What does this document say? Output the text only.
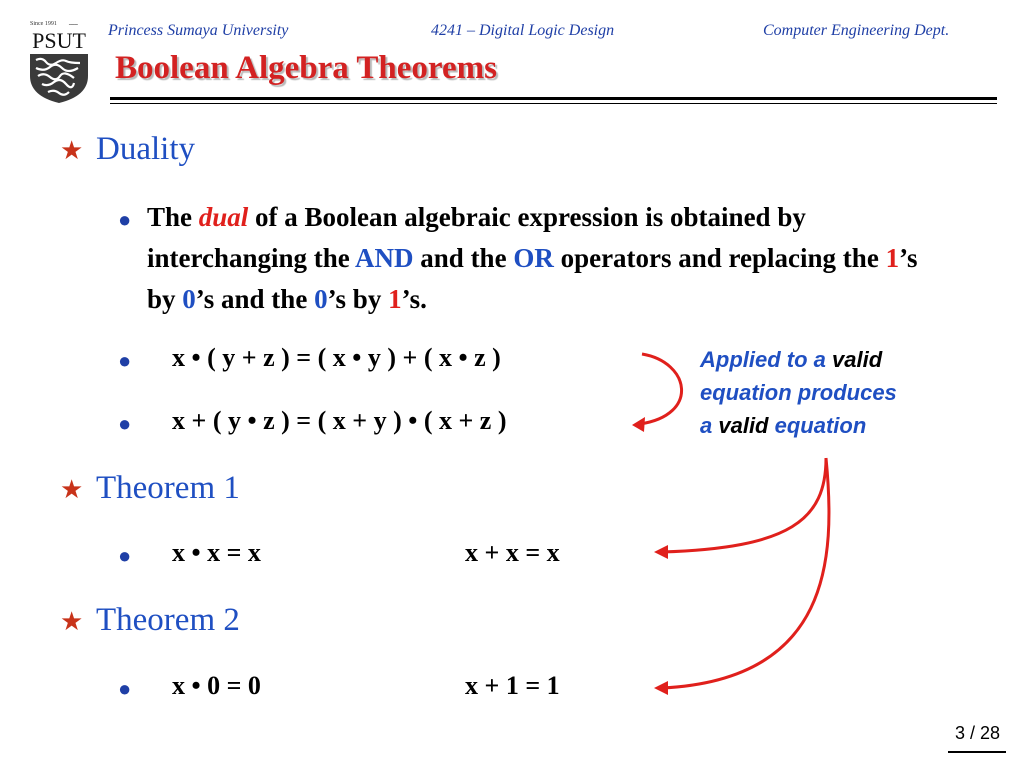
Since 1991 ـــــ
PSUT Princess Sumaya University	4241 – Digital Logic Design	Computer Engineering Dept.
Boolean Algebra Theorems
★ Duality
● The dual of a Boolean algebraic expression is obtained by interchanging the AND and the OR operators and replacing the 1’s by 0’s and the 0’s by 1’s.
● x • ( y + z ) = ( x • y ) + ( x • z )
● x + ( y • z ) = ( x + y ) • ( x + z )
Applied to a valid
equation produces
a valid equation
★ Theorem 1
● x • x = x	x + x = x
★ Theorem 2
● x • 0 = 0	x + 1 = 1
3 / 28
